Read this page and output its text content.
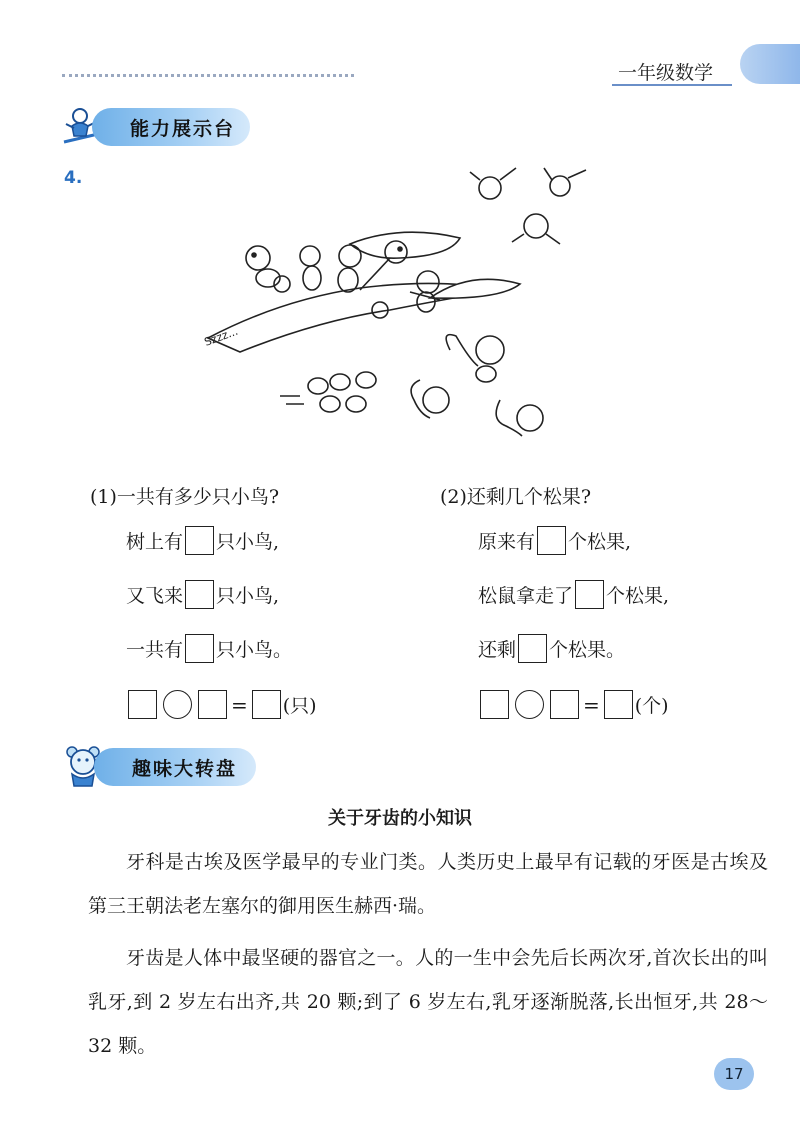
一年级数学
能力展示台
4.
Szzz...
(1)一共有多少只小鸟?
树上有 只小鸟,
又飞来 只小鸟,
一共有 只小鸟。
= (只)
(2)还剩几个松果?
原来有 个松果,
松鼠拿走了 个松果,
还剩 个松果。
= (个)
趣味大转盘
关于牙齿的小知识
牙科是古埃及医学最早的专业门类。人类历史上最早有记载的牙医是古埃及第三王朝法老左塞尔的御用医生赫西·瑞。
牙齿是人体中最坚硬的器官之一。人的一生中会先后长两次牙,首次长出的叫乳牙,到 2 岁左右出齐,共 20 颗;到了 6 岁左右,乳牙逐渐脱落,长出恒牙,共 28～32 颗。
17
